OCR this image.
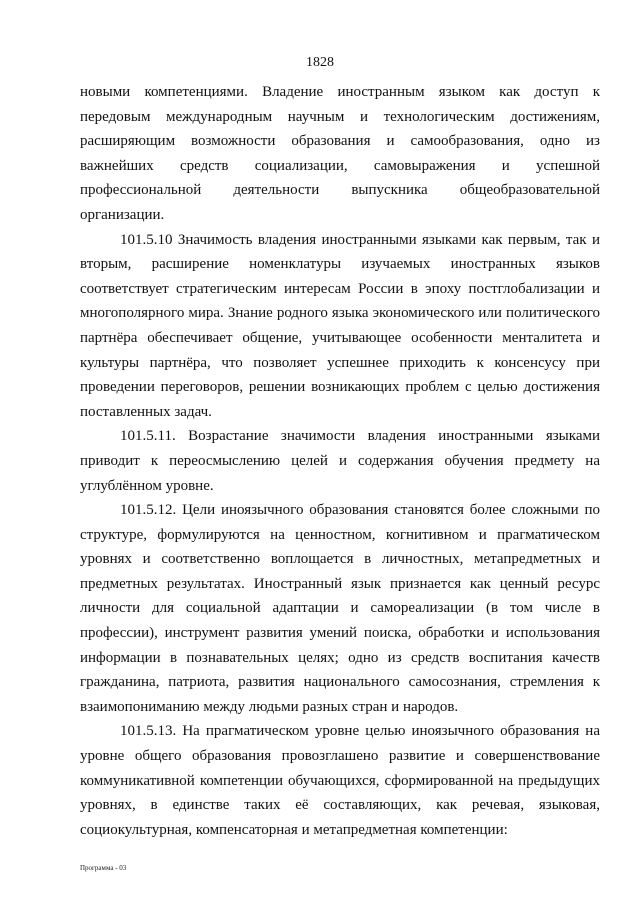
1828

новыми компетенциями. Владение иностранным языком как доступ к передовым международным научным и технологическим достижениям, расширяющим возможности образования и самообразования, одно из важнейших средств социализации, самовыражения и успешной профессиональной деятельности выпускника общеобразовательной организации.

101.5.10 Значимость владения иностранными языками как первым, так и вторым, расширение номенклатуры изучаемых иностранных языков соответствует стратегическим интересам России в эпоху постглобализации и многополярного мира. Знание родного языка экономического или политического партнёра обеспечивает общение, учитывающее особенности менталитета и культуры партнёра, что позволяет успешнее приходить к консенсусу при проведении переговоров, решении возникающих проблем с целью достижения поставленных задач.

101.5.11. Возрастание значимости владения иностранными языками приводит к переосмыслению целей и содержания обучения предмету на углублённом уровне.

101.5.12. Цели иноязычного образования становятся более сложными по структуре, формулируются на ценностном, когнитивном и прагматическом уровнях и соответственно воплощается в личностных, метапредметных и предметных результатах. Иностранный язык признается как ценный ресурс личности для социальной адаптации и самореализации (в том числе в профессии), инструмент развития умений поиска, обработки и использования информации в познавательных целях; одно из средств воспитания качеств гражданина, патриота, развития национального самосознания, стремления к взаимопониманию между людьми разных стран и народов.

101.5.13. На прагматическом уровне целью иноязычного образования на уровне общего образования провозглашено развитие и совершенствование коммуникативной компетенции обучающихся, сформированной на предыдущих уровнях, в единстве таких её составляющих, как речевая, языковая, социокультурная, компенсаторная и метапредметная компетенции:

Программа - 03
